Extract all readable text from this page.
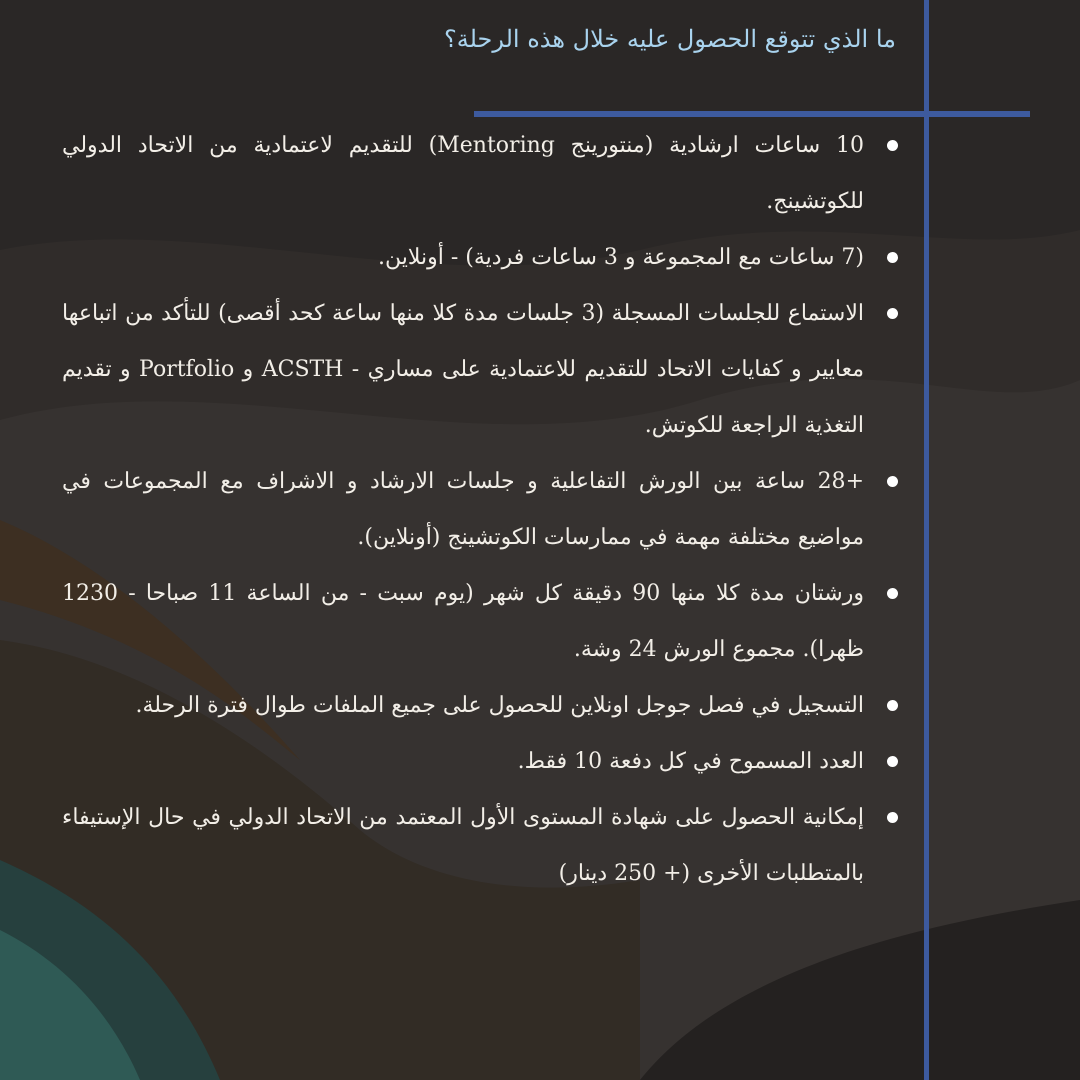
ما الذي تتوقع الحصول عليه خلال هذه الرحلة؟
10 ساعات ارشادية (منتورينج Mentoring) للتقديم لاعتمادية من الاتحاد الدولي للكوتشينج.
(7 ساعات مع المجموعة و 3 ساعات فردية) - أونلاين.
الاستماع للجلسات المسجلة (3 جلسات مدة كلا منها ساعة كحد أقصى) للتأكد من اتباعها معايير و كفايات الاتحاد للتقديم للاعتمادية على مساري - ACSTH و Portfolio و تقديم التغذية الراجعة للكوتش.
+28 ساعة بين الورش التفاعلية و جلسات الارشاد و الاشراف مع المجموعات في مواضيع مختلفة مهمة في ممارسات الكوتشينج (أونلاين).
ورشتان مدة كلا منها 90 دقيقة كل شهر (يوم سبت - من الساعة 11 صباحا - 1230 ظهرا). مجموع الورش 24 وشة.
التسجيل في فصل جوجل اونلاين للحصول على جميع الملفات طوال فترة الرحلة.
العدد المسموح في كل دفعة 10 فقط.
إمكانية الحصول على شهادة المستوى الأول المعتمد من الاتحاد الدولي في حال الإستيفاء بالمتطلبات الأخرى (+ 250 دينار)
